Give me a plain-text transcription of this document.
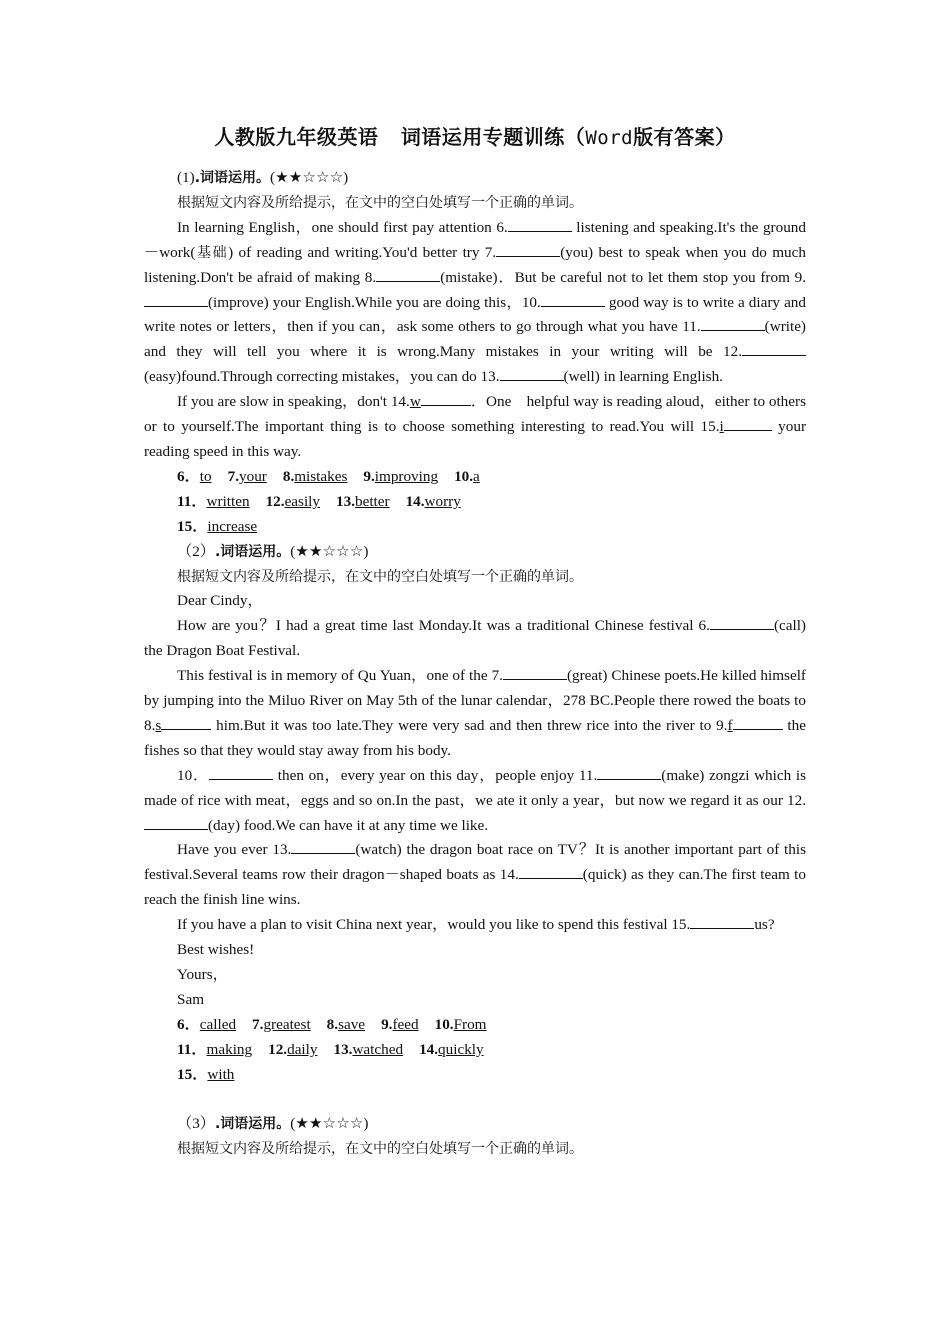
人教版九年级英语 词语运用专题训练（Word版有答案）

(1).词语运用。(★★☆☆☆)

根据短文内容及所给提示，在文中的空白处填写一个正确的单词。

In learning English，one should first pay attention 6.	listening and speaking.It's the ground－work(基础) of reading and writing.You'd better try 7.	(you) best to speak when you do much listening.Don't be afraid of making 8.	(mistake)．But be careful not to let them stop you from 9.(improve) your English.While you are doing this，10.	good way is to write a diary and write notes or letters，then if you can，ask some others to go through what you have 11.	(write) and they will tell you where it is wrong.Many mistakes in your writing will be 12.(easy)found.Through correcting mistakes，you can do 13.	(well) in learning English.

If you are slow in speaking，don't 14.w	．One　helpful way is reading aloud，either to others or to yourself.The important thing is to choose something interesting to read.You will 15.i	your reading speed in this way.

6．to 7.your 8.mistakes 9.improving 10.a

11．written 12.easily 13.better 14.worry

15．increase

（2）.词语运用。(★★☆☆☆)

根据短文内容及所给提示，在文中的空白处填写一个正确的单词。

Dear Cindy，

How are you？I had a great time last Monday.It was a traditional Chinese festival 6.	(call) the Dragon Boat Festival.

This festival is in memory of Qu Yuan，one of the 7.	(great) Chinese poets.He killed himself by jumping into the Miluo River on May 5th of the lunar calendar，278 BC.People there rowed the boats to 8.s	him.But it was too late.They were very sad and then threw rice into the river to 9.f	the fishes so that they would stay away from his body.

10．	then on，every year on this day，people enjoy 11.	(make) zongzi which is made of rice with meat，eggs and so on.In the past，we ate it only a year，but now we regard it as our 12.(day) food.We can have it at any time we like.

Have you ever 13.	(watch) the dragon boat race on TV？It is another important part of this festival.Several teams row their dragon－shaped boats as 14.	(quick) as they can.The first team to reach the finish line wins.

If you have a plan to visit China next year，would you like to spend this festival 15.	us?

Best wishes!

Yours，

Sam

6．called 7.greatest 8.save 9.feed 10.From

11．making 12.daily 13.watched 14.quickly

15．with

（3）.词语运用。(★★☆☆☆)

根据短文内容及所给提示，在文中的空白处填写一个正确的单词。
